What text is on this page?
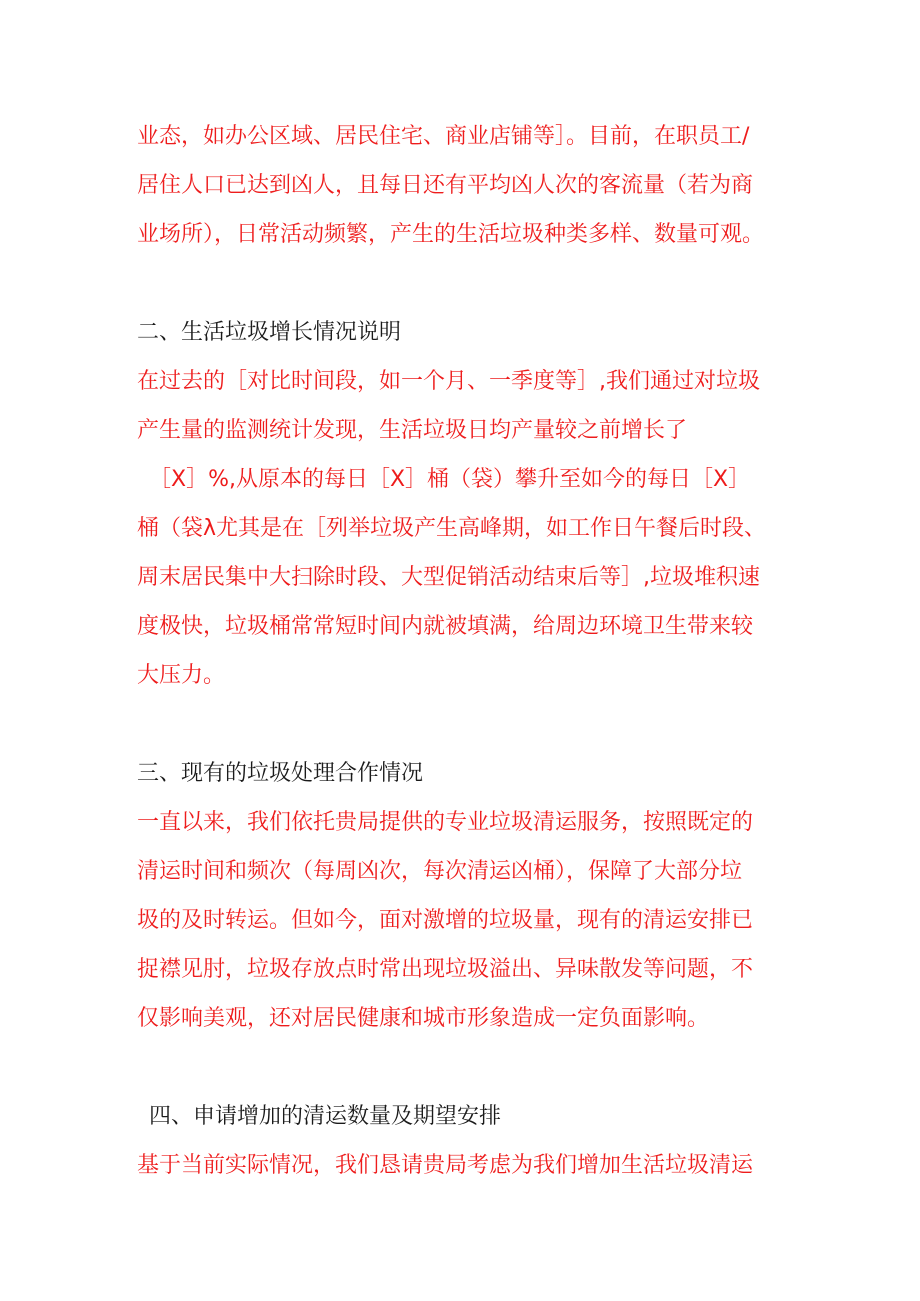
业态，如办公区域、居民住宅、商业店铺等］。目前，在职员工/
居住人口已达到凶人，且每日还有平均凶人次的客流量（若为商
业场所），日常活动频繁，产生的生活垃圾种类多样、数量可观。
二、生活垃圾增长情况说明
在过去的［对比时间段，如一个月、一季度等］,我们通过对垃圾
产生量的监测统计发现，生活垃圾日均产量较之前增长了
［X］%,从原本的每日［X］桶（袋）攀升至如今的每日［X］
桶（袋λ尤其是在［列举垃圾产生高峰期，如工作日午餐后时段、
周末居民集中大扫除时段、大型促销活动结束后等］,垃圾堆积速
度极快，垃圾桶常常短时间内就被填满，给周边环境卫生带来较
大压力。
三、现有的垃圾处理合作情况
一直以来，我们依托贵局提供的专业垃圾清运服务，按照既定的
清运时间和频次（每周凶次，每次清运凶桶），保障了大部分垃
圾的及时转运。但如今，面对激增的垃圾量，现有的清运安排已
捉襟见肘，垃圾存放点时常出现垃圾溢出、异味散发等问题，不
仅影响美观，还对居民健康和城市形象造成一定负面影响。
四、申请增加的清运数量及期望安排
基于当前实际情况，我们恳请贵局考虑为我们增加生活垃圾清运
